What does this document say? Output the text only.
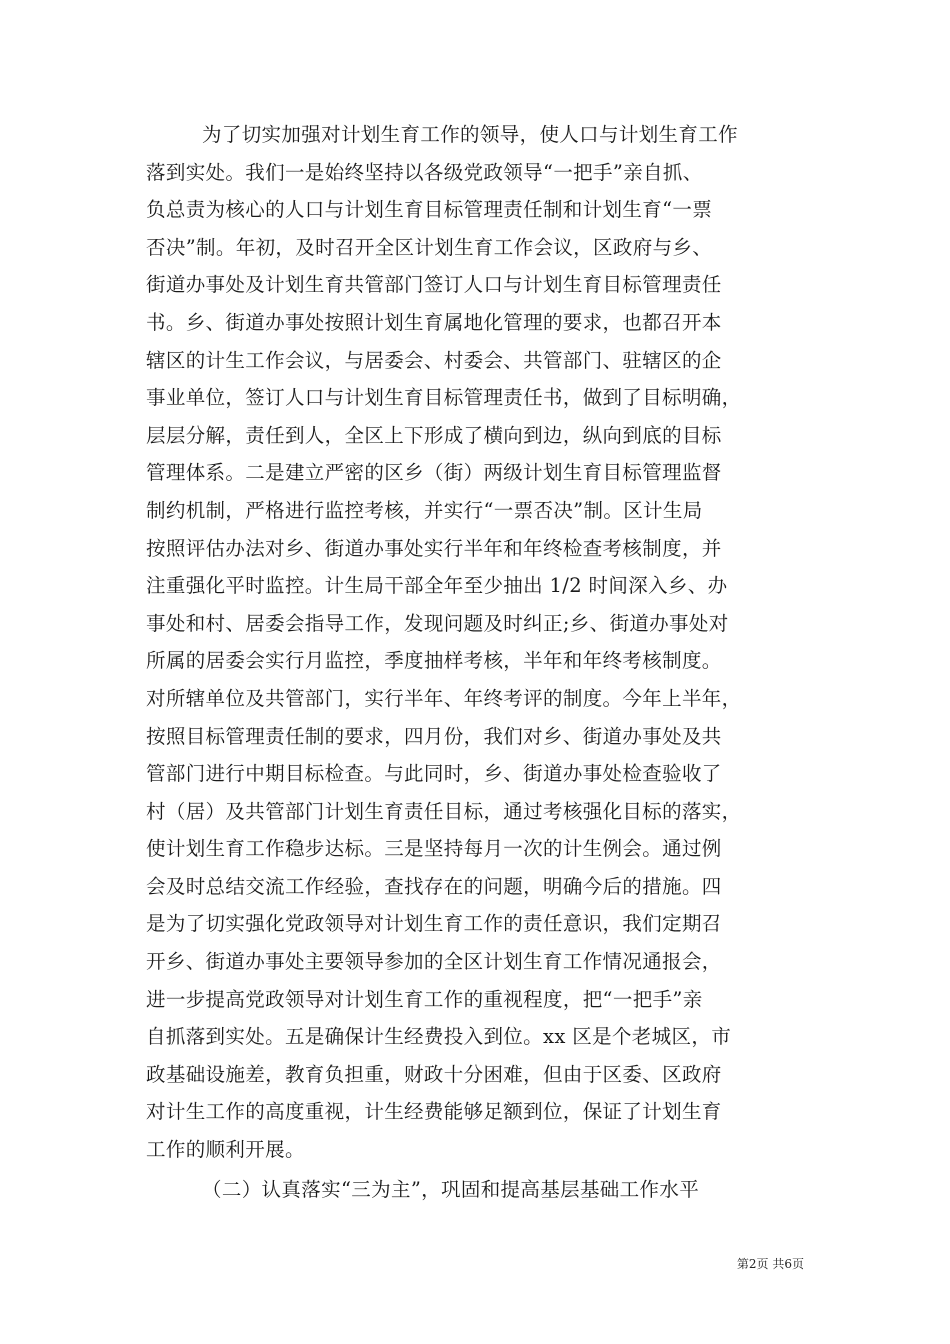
为了切实加强对计划生育工作的领导，使人口与计划生育工作
落到实处。我们一是始终坚持以各级党政领导“一把手”亲自抓、
负总责为核心的人口与计划生育目标管理责任制和计划生育“一票
否决”制。年初，及时召开全区计划生育工作会议，区政府与乡、
街道办事处及计划生育共管部门签订人口与计划生育目标管理责任
书。乡、街道办事处按照计划生育属地化管理的要求，也都召开本
辖区的计生工作会议，与居委会、村委会、共管部门、驻辖区的企
事业单位，签订人口与计划生育目标管理责任书，做到了目标明确，
层层分解，责任到人，全区上下形成了横向到边，纵向到底的目标
管理体系。二是建立严密的区乡（街）两级计划生育目标管理监督
制约机制，严格进行监控考核，并实行“一票否决”制。区计生局
按照评估办法对乡、街道办事处实行半年和年终检查考核制度，并
注重强化平时监控。计生局干部全年至少抽出 1/2 时间深入乡、办
事处和村、居委会指导工作，发现问题及时纠正;乡、街道办事处对
所属的居委会实行月监控，季度抽样考核，半年和年终考核制度。
对所辖单位及共管部门，实行半年、年终考评的制度。今年上半年，
按照目标管理责任制的要求，四月份，我们对乡、街道办事处及共
管部门进行中期目标检查。与此同时，乡、街道办事处检查验收了
村（居）及共管部门计划生育责任目标，通过考核强化目标的落实，
使计划生育工作稳步达标。三是坚持每月一次的计生例会。通过例
会及时总结交流工作经验，查找存在的问题，明确今后的措施。四
是为了切实强化党政领导对计划生育工作的责任意识，我们定期召
开乡、街道办事处主要领导参加的全区计划生育工作情况通报会，
进一步提高党政领导对计划生育工作的重视程度，把“一把手”亲
自抓落到实处。五是确保计生经费投入到位。xx 区是个老城区，市
政基础设施差，教育负担重，财政十分困难，但由于区委、区政府
对计生工作的高度重视，计生经费能够足额到位，保证了计划生育
工作的顺利开展。
（二）认真落实“三为主”，巩固和提高基层基础工作水平
第2页 共6页
